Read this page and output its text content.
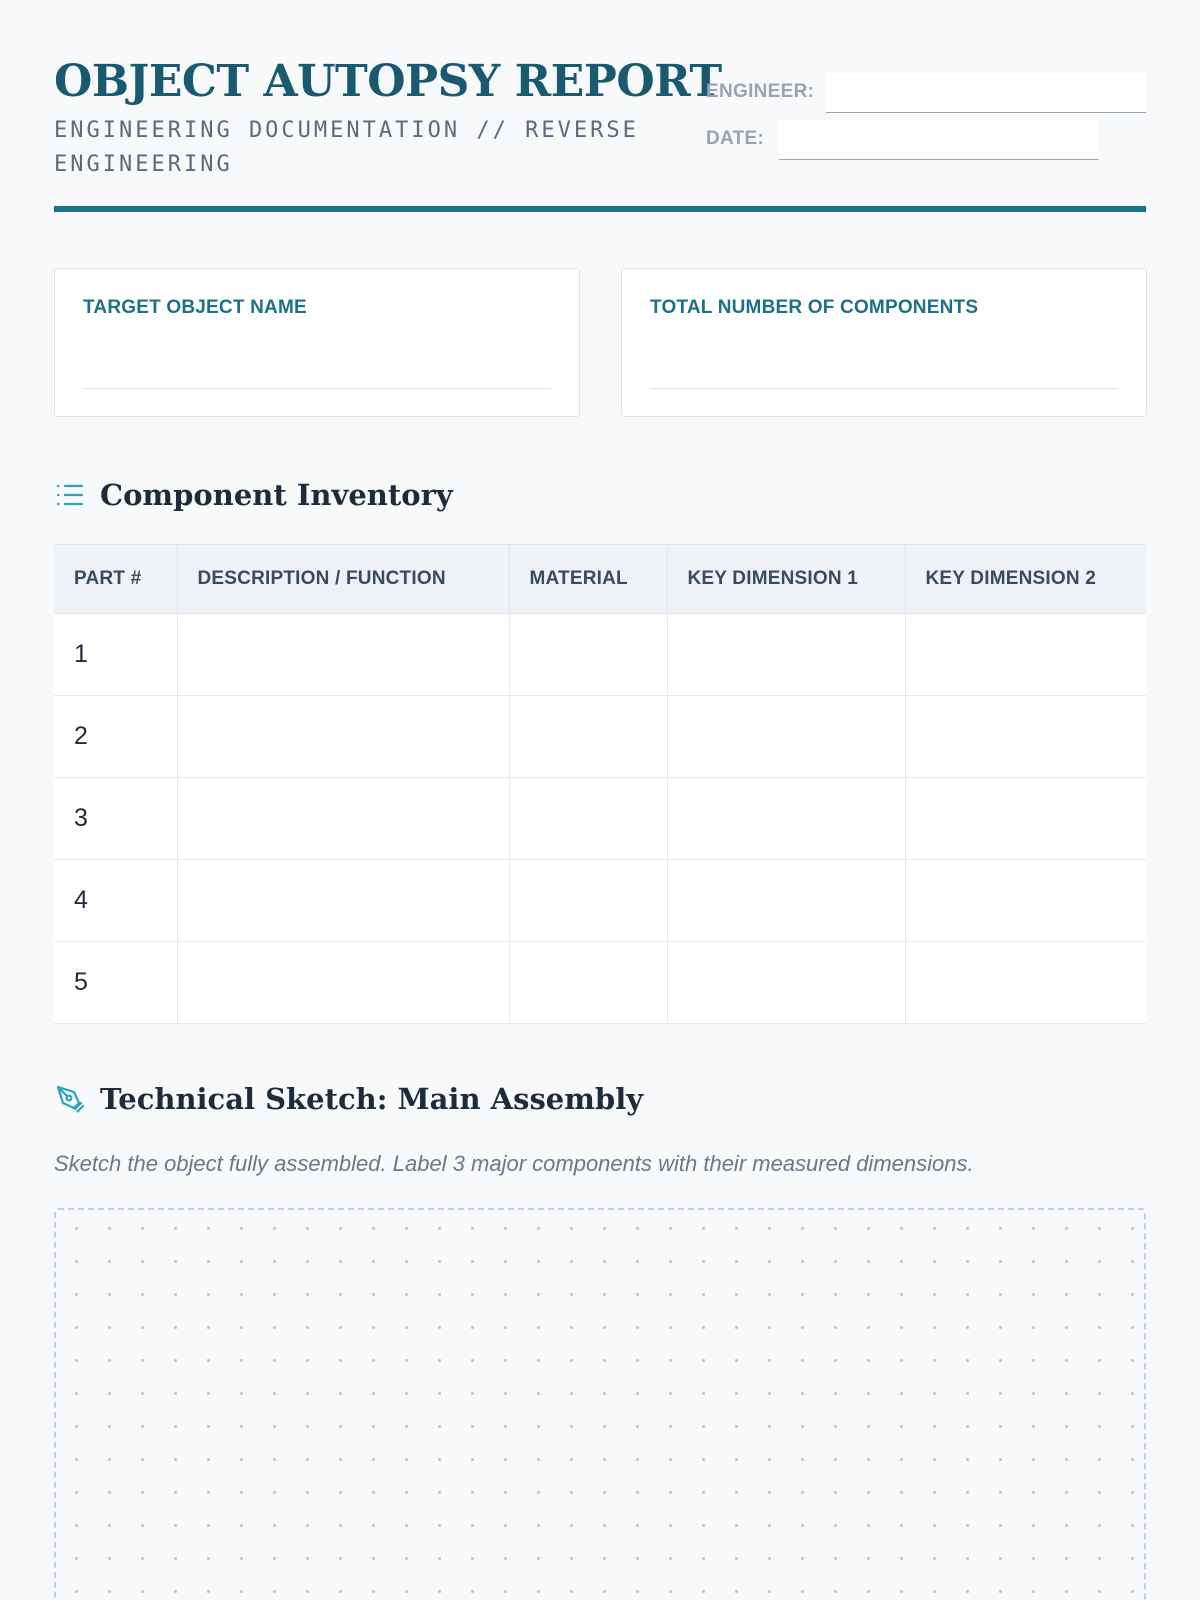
OBJECT AUTOPSY REPORT
ENGINEERING DOCUMENTATION // REVERSE ENGINEERING
ENGINEER:
DATE:
TARGET OBJECT NAME	TOTAL NUMBER OF COMPONENTS
Component Inventory
PART #	DESCRIPTION / FUNCTION	MATERIAL	KEY DIMENSION 1	KEY DIMENSION 2
1				
2				
3				
4				
5				
Technical Sketch: Main Assembly
Sketch the object fully assembled. Label 3 major components with their measured dimensions.
